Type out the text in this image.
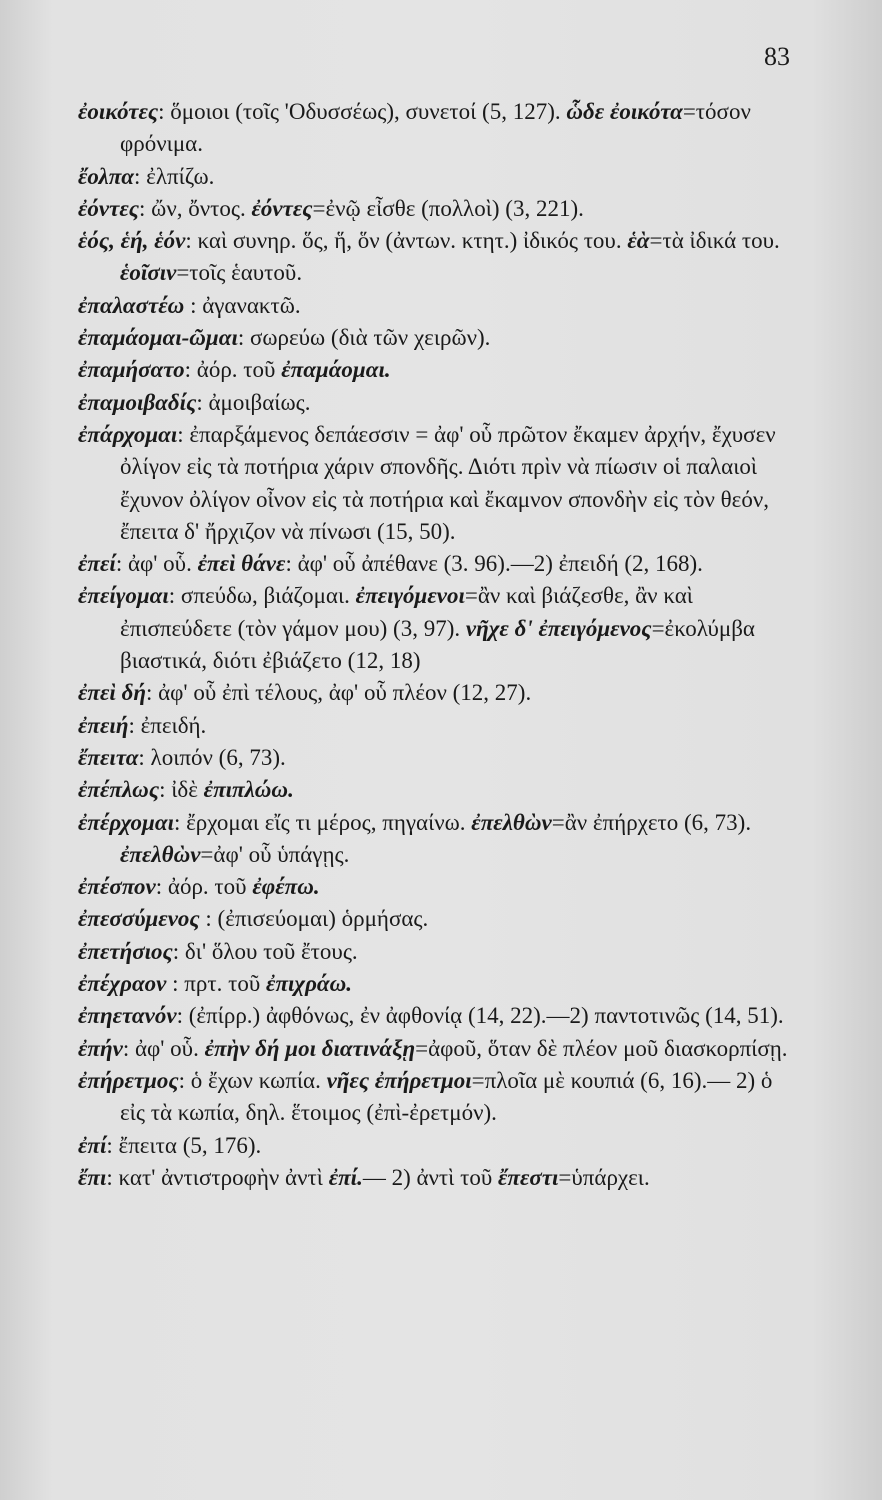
83
ἐοικότες: ὅμοιοι (τοῖς 'Οδυσσέως), συνετοί (5, 127). ὧδε ἐοικότα=τόσον φρόνιμα.
ἔολπα: ἐλπίζω.
ἐόντες: ὤν, ὄντος. ἐόντες=ἐνῷ εἶσθε (πολλοὶ) (3, 221).
ἑός, ἑή, ἑόν: καὶ συνηρ. ὅς, ἥ, ὅν (ἀντων. κτητ.) ἰδικός του. ἑὰ=τὰ ἰδικά του. ἑοῖσιν=τοῖς ἑαυτοῦ.
ἐπαλαστέω : ἀγανακτῶ.
ἐπαμάομαι-ῶμαι: σωρεύω (διὰ τῶν χειρῶν).
ἐπαμήσατο: ἀόρ. τοῦ ἐπαμάομαι.
ἐπαμοιβαδίς: ἀμοιβαίως.
ἐπάρχομαι: ἐπαρξάμενος δεπάεσσιν = ἀφ' οὗ πρῶτον ἔκαμεν ἀρχήν, ἔχυσεν ὀλίγον εἰς τὰ ποτήρια χάριν σπονδῆς. Διότι πρὶν νὰ πίωσιν οἱ παλαιοὶ ἔχυνον ὀλίγον οἶνον εἰς τὰ ποτήρια καὶ ἔκαμνον σπονδὴν εἰς τὸν θεόν, ἔπειτα δ' ἤρχιζον νὰ πίνωσι (15, 50).
ἐπεί: ἀφ' οὗ. ἐπεὶ θάνε: ἀφ' οὗ ἀπέθανε (3. 96).—2) ἐπειδή (2, 168).
ἐπείγομαι: σπεύδω, βιάζομαι. ἐπειγόμενοι=ἂν καὶ βιάζεσθε, ἂν καὶ ἐπισπεύδετε (τὸν γάμον μου) (3, 97). νῆχε δ' ἐπειγόμενος=ἐκολύμβα βιαστικά, διότι ἐβιάζετο (12, 18)
ἐπεὶ δή: ἀφ' οὗ ἐπὶ τέλους, ἀφ' οὗ πλέον (12, 27).
ἐπειή: ἐπειδή.
ἔπειτα: λοιπόν (6, 73).
ἐπέπλως: ἰδὲ ἐπιπλώω.
ἐπέρχομαι: ἔρχομαι εἴς τι μέρος, πηγαίνω. ἐπελθὼν=ἂν ἐπήρχετο (6, 73). ἐπελθὼν=ἀφ' οὗ ὑπάγῃς.
ἐπέσπον: ἀόρ. τοῦ ἐφέπω.
ἐπεσσύμενος : (ἐπισεύομαι) ὁρμήσας.
ἐπετήσιος: δι' ὅλου τοῦ ἔτους.
ἐπέχραον : πρτ. τοῦ ἐπιχράω.
ἐπηετανόν: (ἐπίρρ.) ἀφθόνως, ἐν ἀφθονίᾳ (14, 22).—2) παντοτινῶς (14, 51).
ἐπήν: ἀφ' οὗ. ἐπὴν δή μοι διατινάξῃ=ἀφοῦ, ὅταν δὲ πλέον μοῦ διασκορπίσῃ.
ἐπήρετμος: ὁ ἔχων κωπία. νῆες ἐπήρετμοι=πλοῖα μὲ κουπιά (6, 16).— 2) ὁ εἰς τὰ κωπία, δηλ. ἕτοιμος (ἐπὶ-ἐρετμόν).
ἐπί: ἔπειτα (5, 176).
ἔπι: κατ' ἀντιστροφὴν ἀντὶ ἐπί.— 2) ἀντὶ τοῦ ἔπεστι=ὑπάρχει.
